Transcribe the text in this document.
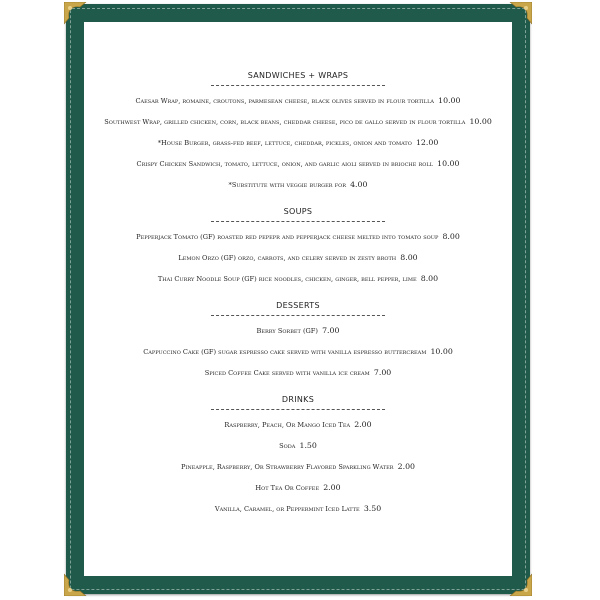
SANDWICHES + WRAPS
Caesar Wrap, romaine, croutons, parmesean cheese, black olives served in flour tortilla 10.00
Southwest Wrap, grilled chicken, corn, black beans, cheddar cheese, pico de gallo served in flour tortilla 10.00
*House Burger, grass-fed beef, lettuce, cheddar, pickles, onion and tomato 12.00
Crispy Chicken Sandwich, tomato, lettuce, onion, and garlic aioli served in brioche roll 10.00
*Substitute with veggie burger for 4.00
SOUPS
Pepperjack Tomato (GF) roasted red pepepr and pepperjack cheese melted into tomato soup 8.00
Lemon Orzo (GF) orzo, carrots, and celery served in zesty broth 8.00
Thai Curry Noodle Soup (GF) rice noodles, chicken, ginger, bell pepper, lime 8.00
DESSERTS
Berry Sorbet (GF) 7.00
Cappuccino Cake (GF) sugar espresso cake served with vanilla espresso buttercream 10.00
Spiced Coffee Cake served with vanilla ice cream 7.00
DRINKS
Raspberry, Peach, Or Mango Iced Tea 2.00
Soda 1.50
Pineapple, Raspberry, Or Strawberry Flavored Sparkling Water 2.00
Hot Tea Or Coffee 2.00
Vanilla, Caramel, or Peppermint Iced Latte 3.50
